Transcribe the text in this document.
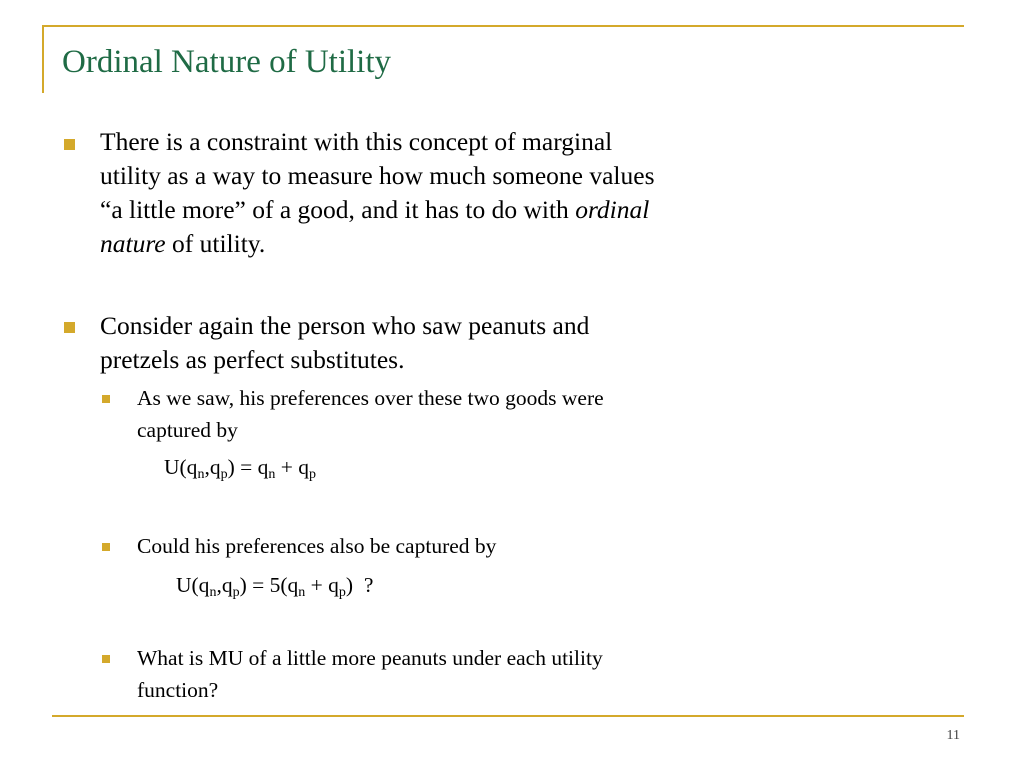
Ordinal Nature of Utility
There is a constraint with this concept of marginal
utility as a way to measure how much someone values
“a little more” of a good, and it has to do with ordinal
nature of utility.
Consider again the person who saw peanuts and
pretzels as perfect substitutes.
As we saw, his preferences over these two goods were
captured by
$U(q_n,q_p) = q_n + q_p$
Could his preferences also be captured by
$U(q_n,q_p) = 5(q_n + q_p)$  ?
What is MU of a little more peanuts under each utility
function?
11
